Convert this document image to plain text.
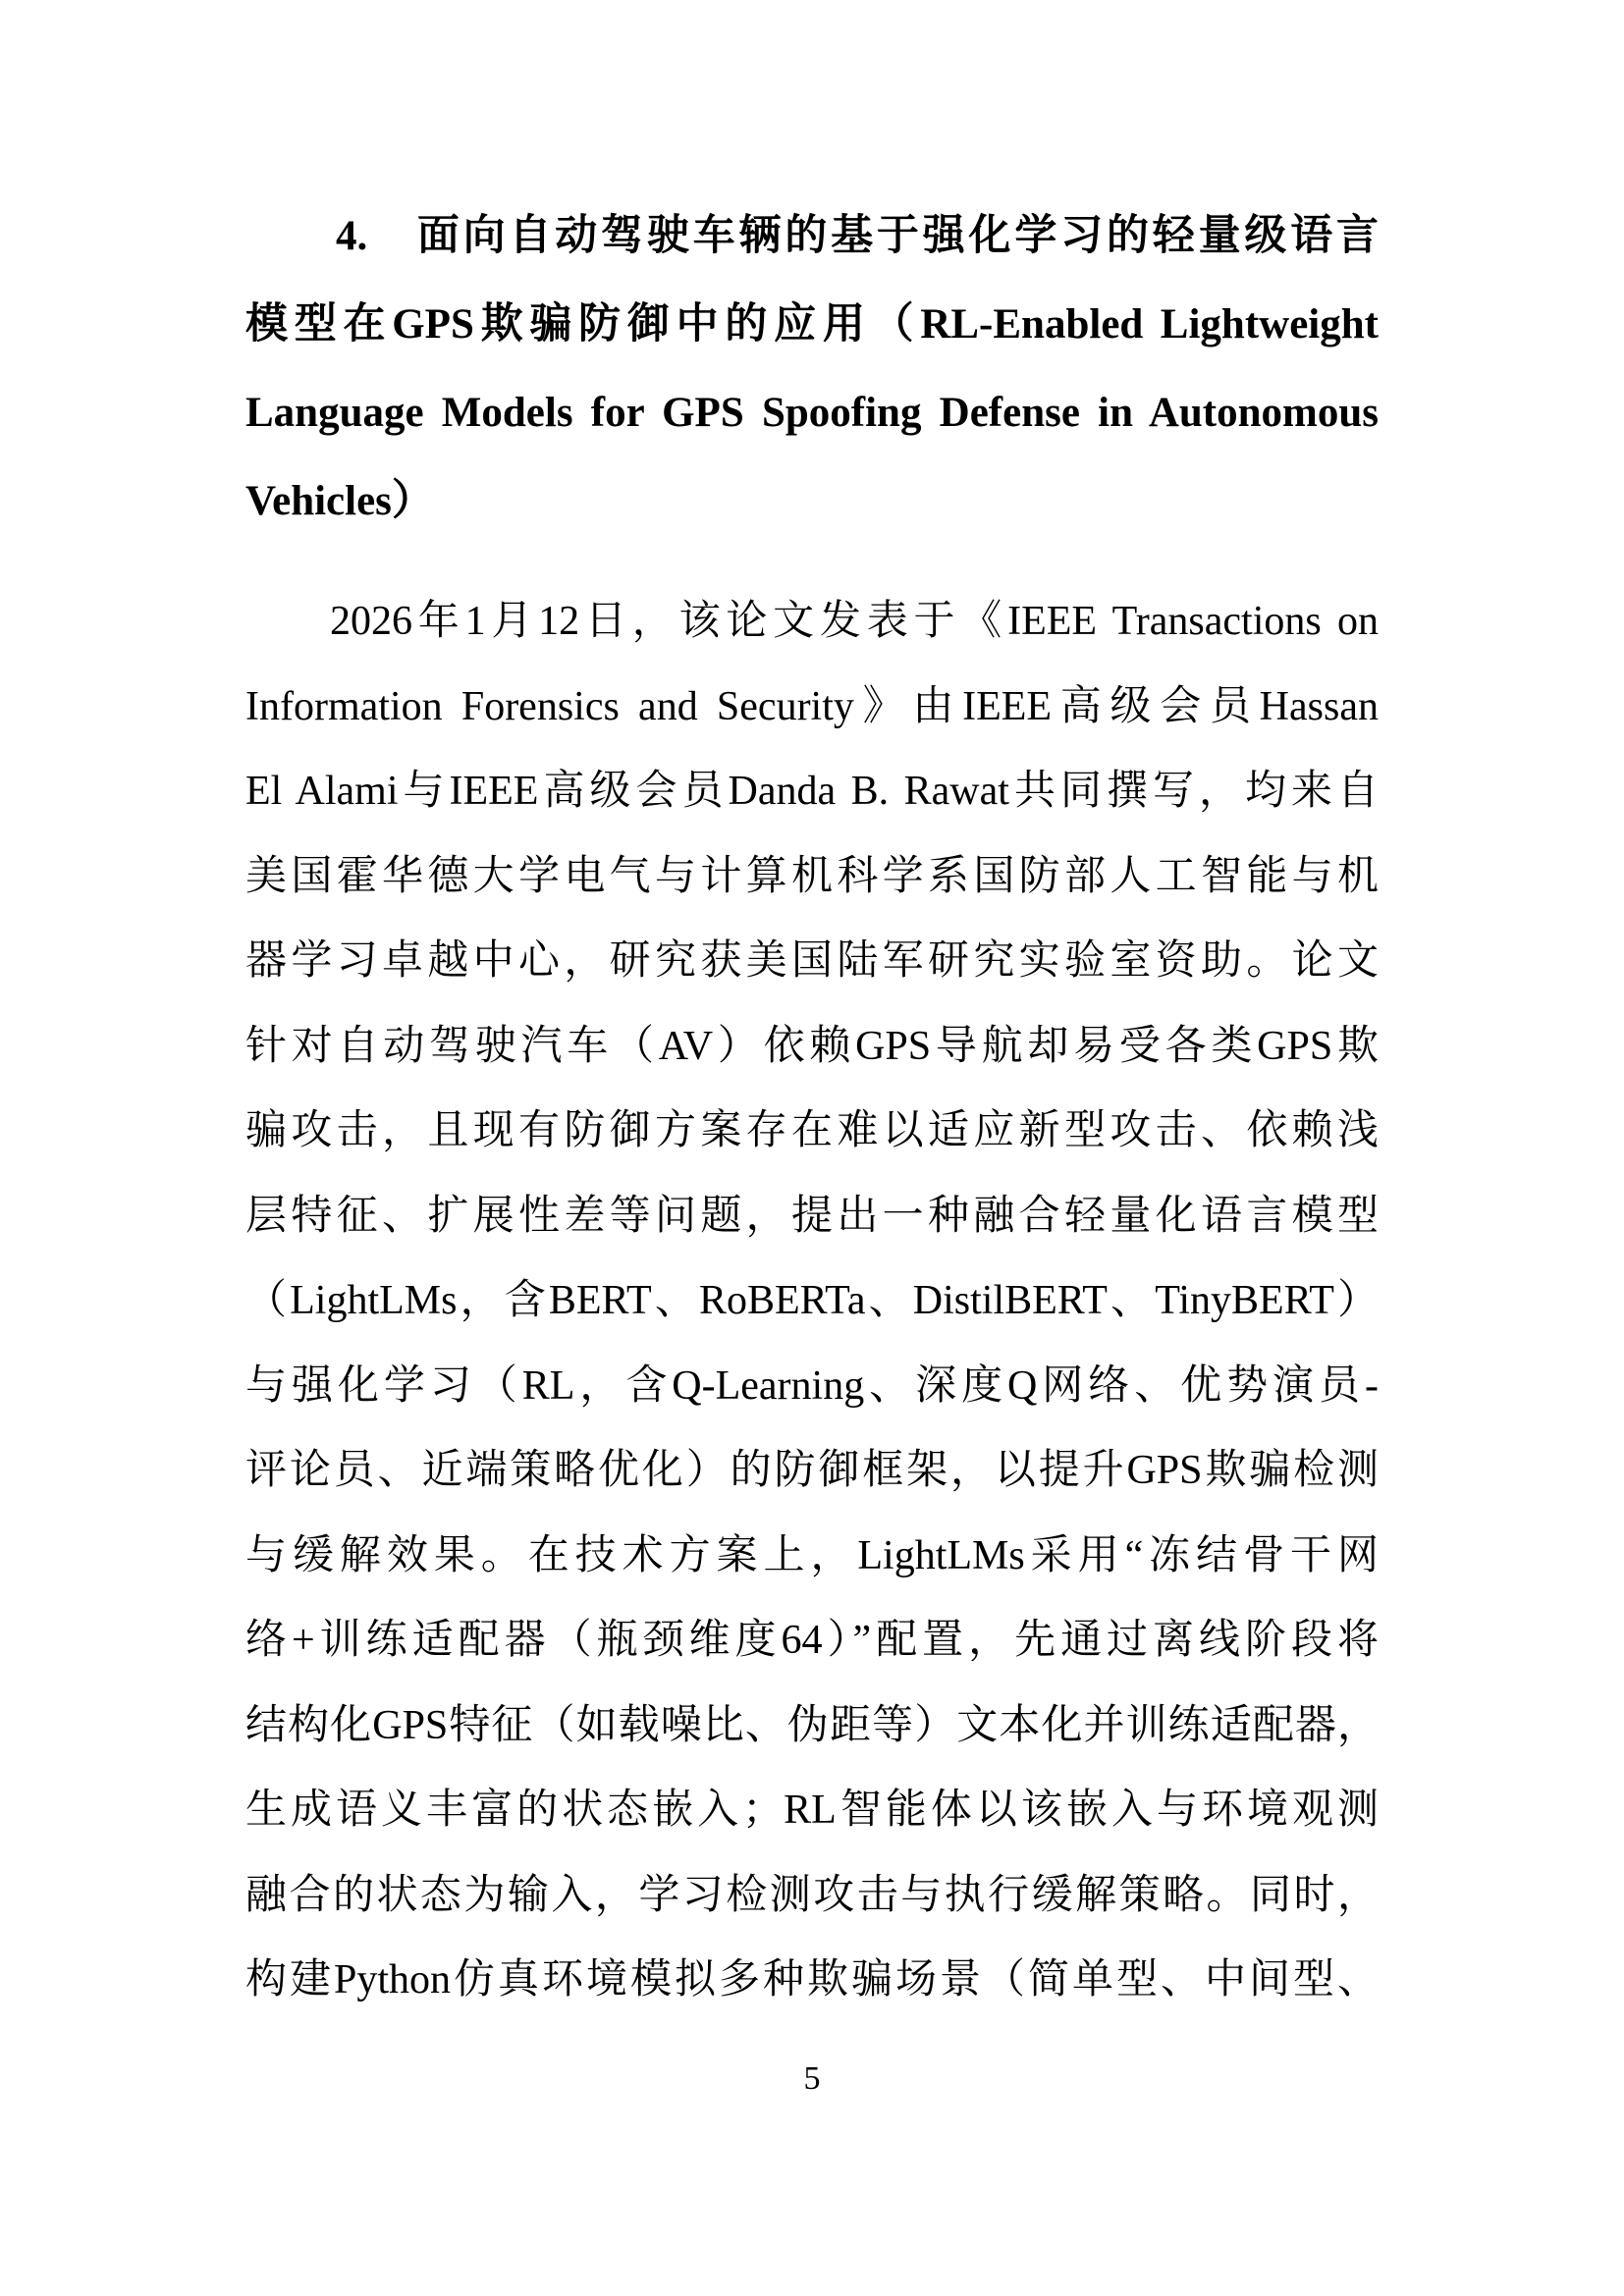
4.　面向自动驾驶车辆的基于强化学习的轻量级语言
模型在GPS欺骗防御中的应用（RL-Enabled Lightweight
Language Models for GPS Spoofing Defense in Autonomous
Vehicles）
2026年1月12日，该论文发表于《IEEE Transactions on
Information Forensics and Security》由IEEE高级会员Hassan
El Alami与IEEE高级会员Danda B. Rawat共同撰写，均来自
美国霍华德大学电气与计算机科学系国防部人工智能与机
器学习卓越中心，研究获美国陆军研究实验室资助。论文
针对自动驾驶汽车（AV）依赖GPS导航却易受各类GPS欺
骗攻击，且现有防御方案存在难以适应新型攻击、依赖浅
层特征、扩展性差等问题，提出一种融合轻量化语言模型
（LightLMs，含BERT、RoBERTa、DistilBERT、TinyBERT）
与强化学习（RL，含Q-Learning、深度Q网络、优势演员-
评论员、近端策略优化）的防御框架，以提升GPS欺骗检测
与缓解效果。在技术方案上，LightLMs采用“冻结骨干网
络+训练适配器（瓶颈维度64）”配置，先通过离线阶段将
结构化GPS特征（如载噪比、伪距等）文本化并训练适配器，
生成语义丰富的状态嵌入；RL智能体以该嵌入与环境观测
融合的状态为输入，学习检测攻击与执行缓解策略。同时，
构建Python仿真环境模拟多种欺骗场景（简单型、中间型、
5
